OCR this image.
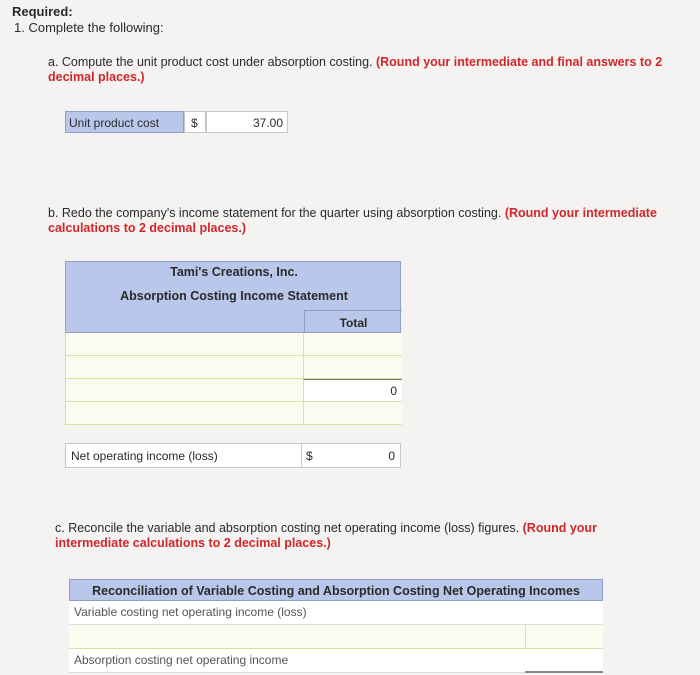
Required:
1. Complete the following:
a. Compute the unit product cost under absorption costing. (Round your intermediate and final answers to 2 decimal places.)
Unit product cost	$	37.00
b. Redo the company's income statement for the quarter using absorption costing. (Round your intermediate calculations to 2 decimal places.)
Tami's Creations, Inc.
Absorption Costing Income Statement
Total
0
Net operating income (loss)	$	0
c. Reconcile the variable and absorption costing net operating income (loss) figures. (Round your intermediate calculations to 2 decimal places.)
Reconciliation of Variable Costing and Absorption Costing Net Operating Incomes
Variable costing net operating income (loss)
Absorption costing net operating income
